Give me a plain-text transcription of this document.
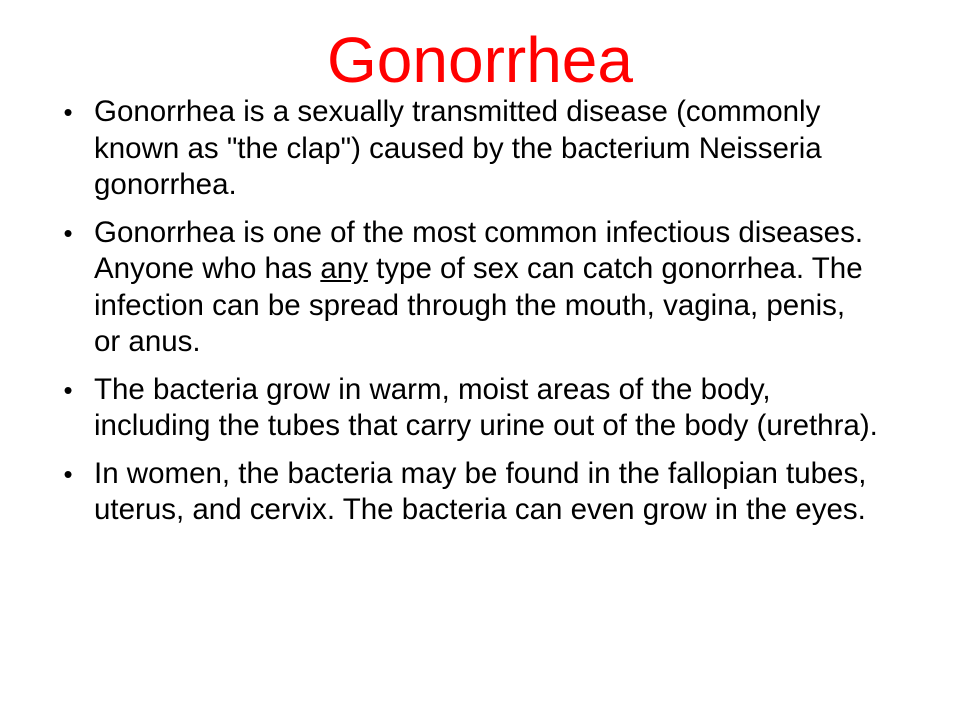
Gonorrhea
• Gonorrhea is a sexually transmitted disease (commonly known as "the clap") caused by the bacterium Neisseria gonorrhea.
• Gonorrhea is one of the most common infectious diseases. Anyone who has any type of sex can catch gonorrhea. The infection can be spread through the mouth, vagina, penis, or anus.
• The bacteria grow in warm, moist areas of the body, including the tubes that carry urine out of the body (urethra).
• In women, the bacteria may be found in the fallopian tubes, uterus, and cervix. The bacteria can even grow in the eyes.
